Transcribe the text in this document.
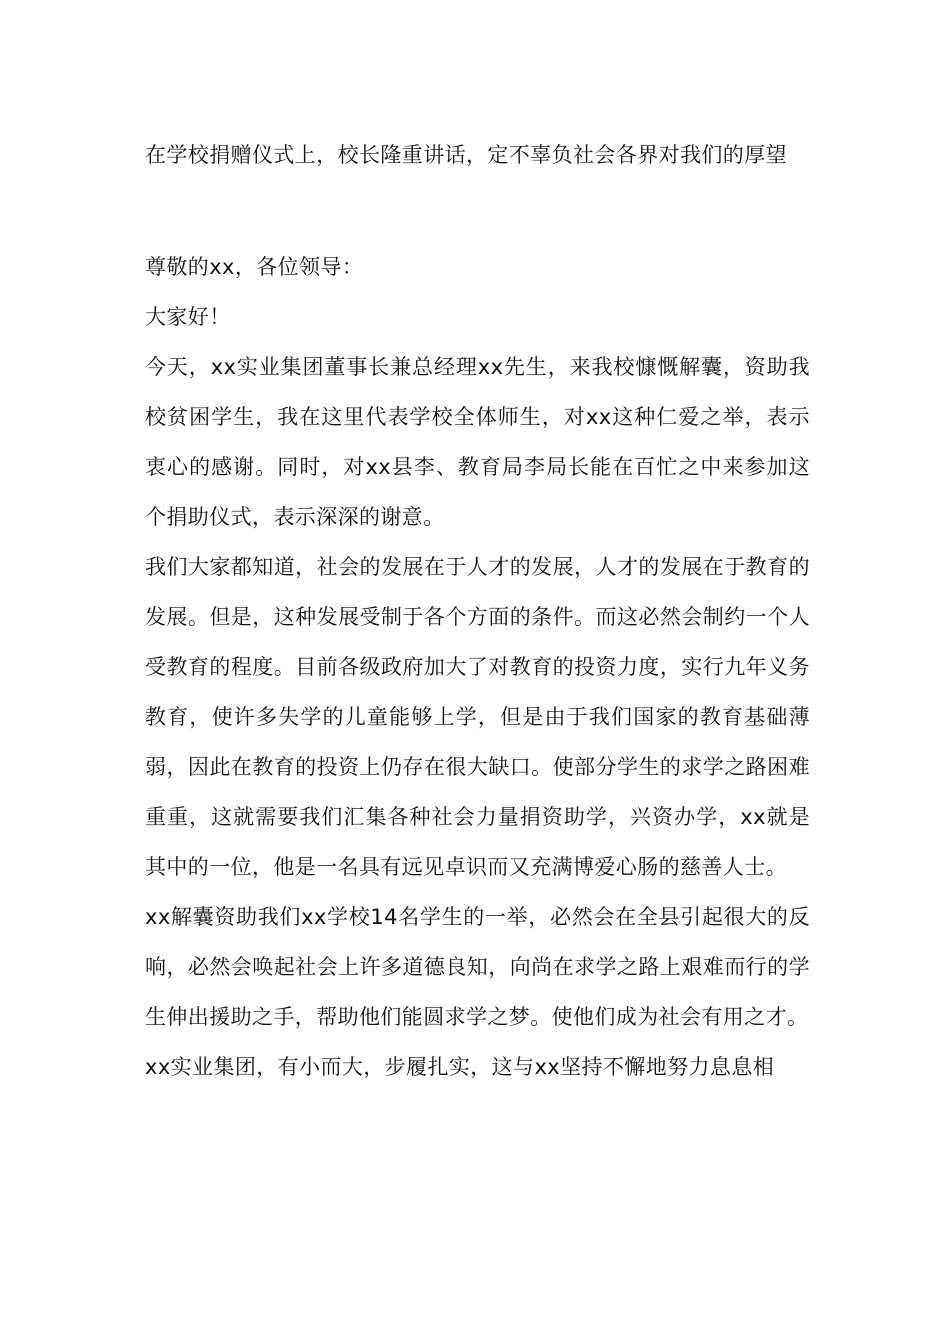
在学校捐赠仪式上，校长隆重讲话，定不辜负社会各界对我们的厚望

尊敬的xx，各位领导：

大家好！

今天，xx实业集团董事长兼总经理xx先生，来我校慷慨解囊，资助我校贫困学生，我在这里代表学校全体师生，对xx这种仁爱之举，表示衷心的感谢。同时，对xx县李、教育局李局长能在百忙之中来参加这个捐助仪式，表示深深的谢意。

我们大家都知道，社会的发展在于人才的发展，人才的发展在于教育的发展。但是，这种发展受制于各个方面的条件。而这必然会制约一个人受教育的程度。目前各级政府加大了对教育的投资力度，实行九年义务教育，使许多失学的儿童能够上学，但是由于我们国家的教育基础薄弱，因此在教育的投资上仍存在很大缺口。使部分学生的求学之路困难重重，这就需要我们汇集各种社会力量捐资助学，兴资办学，xx就是其中的一位，他是一名具有远见卓识而又充满博爱心肠的慈善人士。

xx解囊资助我们xx学校14名学生的一举，必然会在全县引起很大的反响，必然会唤起社会上许多道德良知，向尚在求学之路上艰难而行的学生伸出援助之手，帮助他们能圆求学之梦。使他们成为社会有用之才。

xx实业集团，有小而大，步履扎实，这与xx坚持不懈地努力息息相
